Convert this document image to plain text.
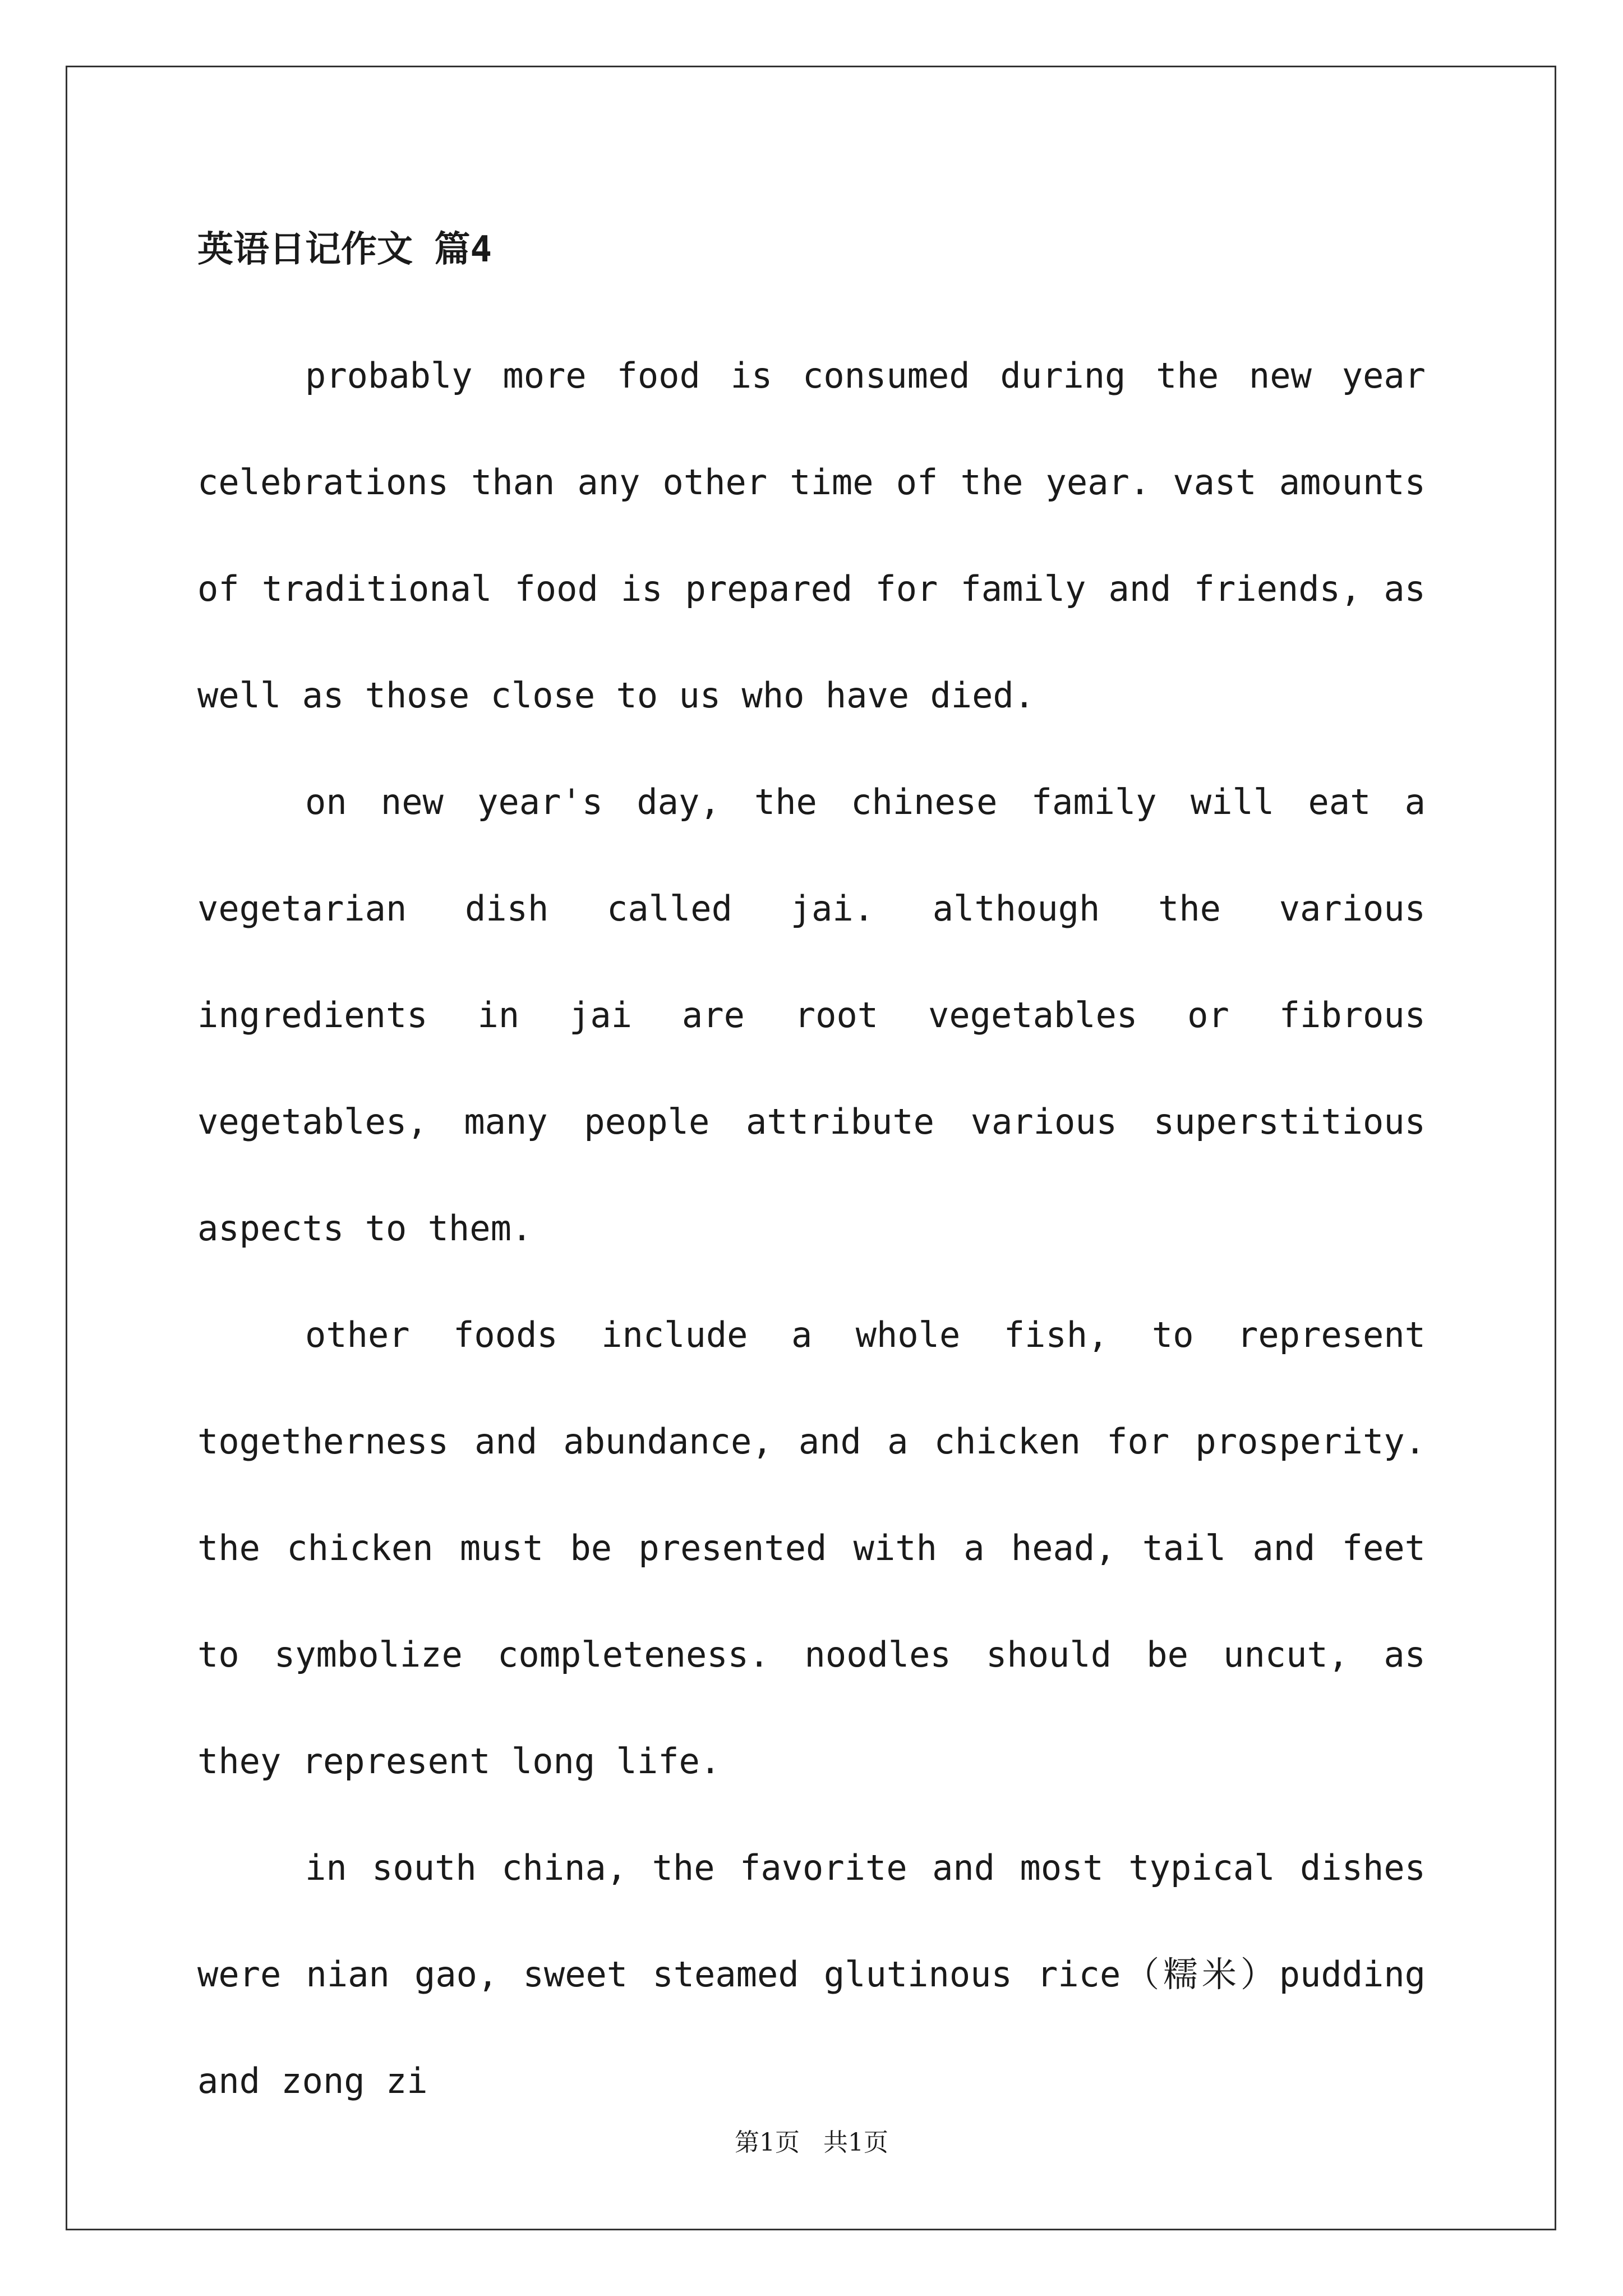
英语日记作文 篇4

probably more food is consumed during the new year celebrations than any other time of the year. vast amounts of traditional food is prepared for family and friends, as well as those close to us who have died.

on new year's day, the chinese family will eat a vegetarian dish called jai. although the various ingredients in jai are root vegetables or fibrous vegetables, many people attribute various superstitious aspects to them.

other foods include a whole fish, to represent togetherness and abundance, and a chicken for prosperity. the chicken must be presented with a head, tail and feet to symbolize completeness. noodles should be uncut, as they represent long life.

in south china, the favorite and most typical dishes were nian gao, sweet steamed glutinous rice（糯米）pudding and zong zi

第1页   共1页
